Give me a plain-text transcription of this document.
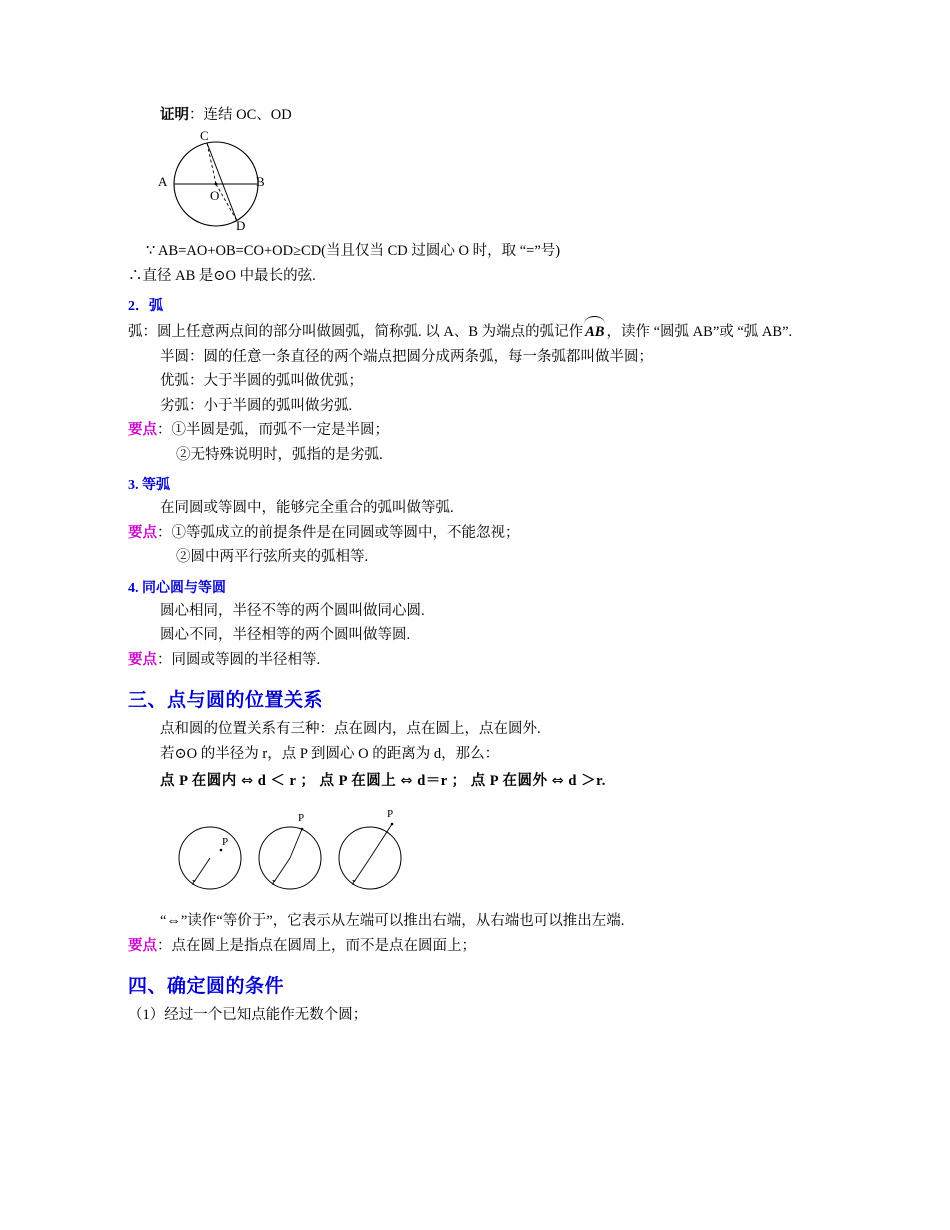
证明：连结 OC、OD
C
A	B
O
D
∵ AB=AO+OB=CO+OD≥CD(当且仅当 CD 过圆心 O 时，取 “=”号)
∴直径 AB 是⊙O 中最长的弦.
2．弧
弧：圆上任意两点间的部分叫做圆弧，简称弧. 以 A、B 为端点的弧记作 AB ，读作 “圆弧 AB”或 “弧 AB”.
半圆：圆的任意一条直径的两个端点把圆分成两条弧，每一条弧都叫做半圆；
优弧：大于半圆的弧叫做优弧；
劣弧：小于半圆的弧叫做劣弧.
要点：①半圆是弧，而弧不一定是半圆；
②无特殊说明时，弧指的是劣弧.
3. 等弧
在同圆或等圆中，能够完全重合的弧叫做等弧.
要点：①等弧成立的前提条件是在同圆或等圆中，不能忽视；
②圆中两平行弦所夹的弧相等.
4. 同心圆与等圆
圆心相同，半径不等的两个圆叫做同心圆.
圆心不同，半径相等的两个圆叫做等圆.
要点：同圆或等圆的半径相等.
三、点与圆的位置关系
点和圆的位置关系有三种：点在圆内，点在圆上，点在圆外.
若⊙O 的半径为 r，点 P 到圆心 O 的距离为 d，那么：
点 P 在圆内 ⇔ d ＜ r ； 点 P 在圆上 ⇔ d＝r ； 点 P 在圆外 ⇔ d ＞r.
P
P	P
r	r	r
“⇔”读作“等价于”，它表示从左端可以推出右端，从右端也可以推出左端.
要点：点在圆上是指点在圆周上，而不是点在圆面上；
四、确定圆的条件
（1）经过一个已知点能作无数个圆；
